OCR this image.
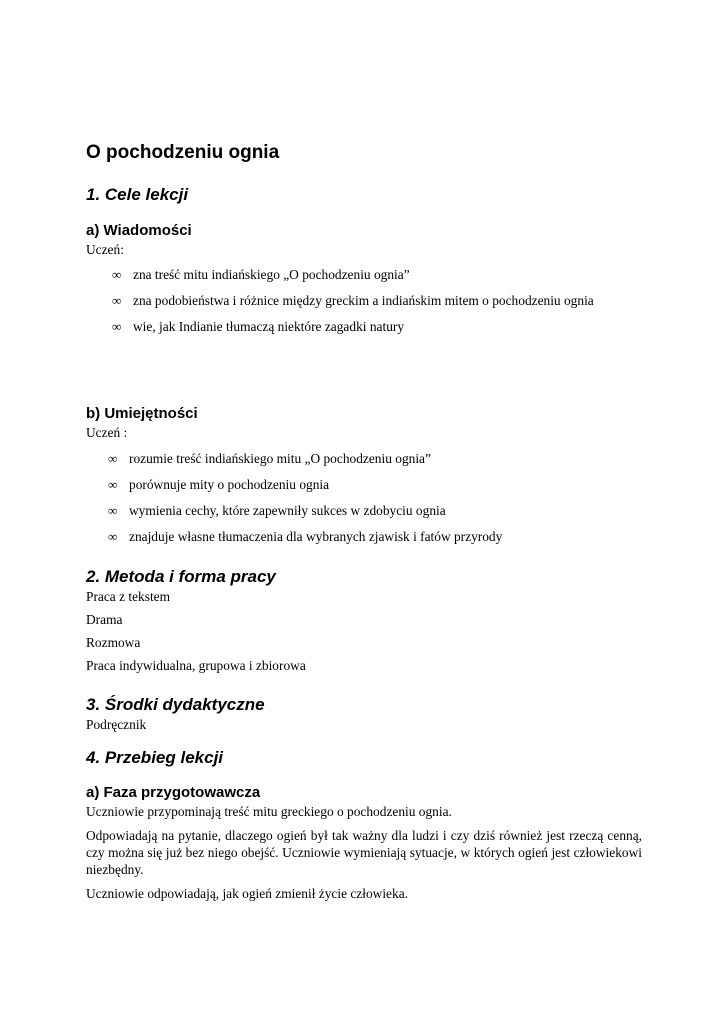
O pochodzeniu ognia
1. Cele lekcji
a) Wiadomości
Uczeń:
∞ zna treść mitu indiańskiego „O pochodzeniu ognia”
∞ zna podobieństwa i różnice między greckim a indiańskim mitem o pochodzeniu ognia
∞ wie, jak Indianie tłumaczą niektóre zagadki natury
b) Umiejętności
Uczeń :
∞ rozumie treść indiańskiego mitu „O pochodzeniu ognia”
∞ porównuje mity o pochodzeniu ognia
∞ wymienia cechy, które zapewniły sukces w zdobyciu ognia
∞ znajduje własne tłumaczenia dla wybranych zjawisk i fatów przyrody
2. Metoda i forma pracy
Praca z tekstem
Drama
Rozmowa
Praca indywidualna, grupowa i zbiorowa
3. Środki dydaktyczne
Podręcznik
4. Przebieg lekcji
a) Faza przygotowawcza
Uczniowie przypominają treść mitu greckiego o pochodzeniu ognia.
Odpowiadają na pytanie, dlaczego ogień był tak ważny dla ludzi i czy dziś również jest rzeczą cenną, czy można się już bez niego obejść. Uczniowie wymieniają sytuacje, w których ogień jest człowiekowi niezbędny.
Uczniowie odpowiadają, jak ogień zmienił życie człowieka.
